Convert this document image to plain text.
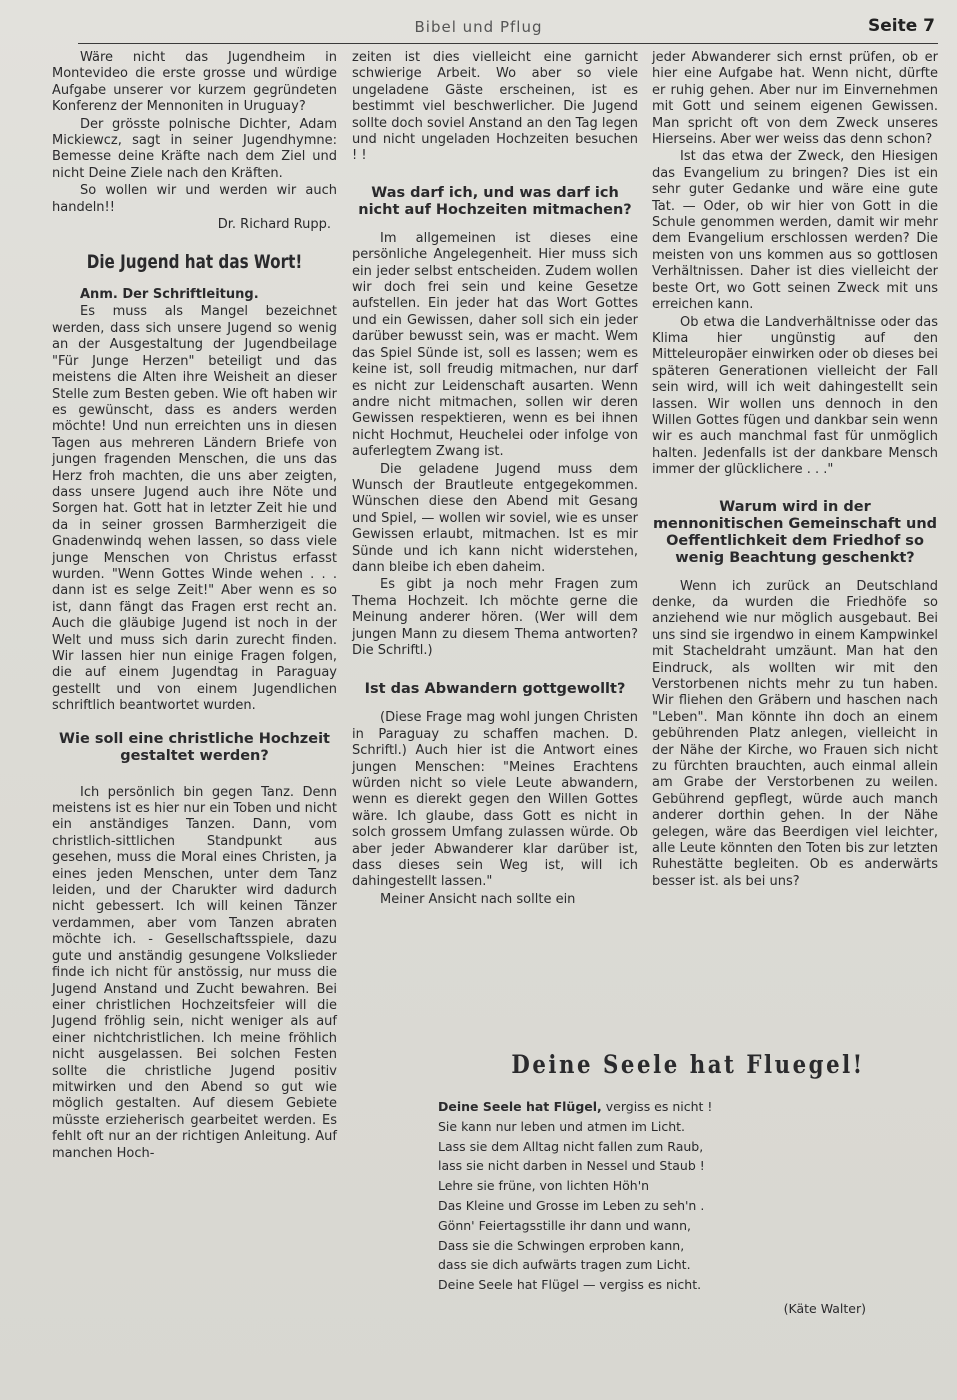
Bibel und Pflug	Seite 7

Wäre nicht das Jugendheim in Montevideo die erste grosse und würdige Aufgabe unserer vor kurzem gegründeten Konferenz der Mennoniten in Uruguay?

Der grösste polnische Dichter, Adam Mickiewcz, sagt in seiner Jugendhymne: Bemesse deine Kräfte nach dem Ziel und nicht Deine Ziele nach den Kräften.

So wollen wir und werden wir auch handeln!!

Dr. Richard Rupp.

Die Jugend hat das Wort!
Anm. Der Schriftleitung.

Es muss als Mangel bezeichnet werden, dass sich unsere Jugend so wenig an der Ausgestaltung der Jugendbeilage "Für Junge Herzen" beteiligt und das meistens die Alten ihre Weisheit an dieser Stelle zum Besten geben. Wie oft haben wir es gewünscht, dass es anders werden möchte! Und nun erreichten uns in diesen Tagen aus mehreren Ländern Briefe von jungen fragenden Menschen, die uns das Herz froh machten, die uns aber zeigten, dass unsere Jugend auch ihre Nöte und Sorgen hat. Gott hat in letzter Zeit hie und da in seiner grossen Barmherzigeit die Gnadenwindq wehen lassen, so dass viele junge Menschen von Christus erfasst wurden. "Wenn Gottes Winde wehen . . . dann ist es selge Zeit!" Aber wenn es so ist, dann fängt das Fragen erst recht an. Auch die gläubige Jugend ist noch in der Welt und muss sich darin zurecht finden. Wir lassen hier nun einige Fragen folgen, die auf einem Jugendtag in Paraguay gestellt und von einem Jugendlichen schriftlich beantwortet wurden.

Wie soll eine christliche Hochzeit gestaltet werden?

Ich persönlich bin gegen Tanz. Denn meistens ist es hier nur ein Toben und nicht ein anständiges Tanzen. Dann, vom christlich-sittlichen Standpunkt aus gesehen, muss die Moral eines Christen, ja eines jeden Menschen, unter dem Tanz leiden, und der Charukter wird dadurch nicht gebessert. Ich will keinen Tänzer verdammen, aber vom Tanzen abraten möchte ich. - Gesellschaftsspiele, dazu gute und anständig gesungene Volkslieder finde ich nicht für anstössig, nur muss die Jugend Anstand und Zucht bewahren. Bei einer christlichen Hochzeitsfeier will die Jugend fröhlig sein, nicht weniger als auf einer nichtchristlichen. Ich meine fröhlich nicht ausgelassen. Bei solchen Festen sollte die christliche Jugend positiv mitwirken und den Abend so gut wie möglich gestalten. Auf diesem Gebiete müsste erzieherisch gearbeitet werden. Es fehlt oft nur an der richtigen Anleitung. Auf manchen Hoch-

zeiten ist dies vielleicht eine garnicht schwierige Arbeit. Wo aber so viele ungeladene Gäste erscheinen, ist es bestimmt viel beschwerlicher. Die Jugend sollte doch soviel Anstand an den Tag legen und nicht ungeladen Hochzeiten besuchen ! !

Was darf ich, und was darf ich nicht auf Hochzeiten mitmachen?

Im allgemeinen ist dieses eine persönliche Angelegenheit. Hier muss sich ein jeder selbst entscheiden. Zudem wollen wir doch frei sein und keine Gesetze aufstellen. Ein jeder hat das Wort Gottes und ein Gewissen, daher soll sich ein jeder darüber bewusst sein, was er macht. Wem das Spiel Sünde ist, soll es lassen; wem es keine ist, soll freudig mitmachen, nur darf es nicht zur Leidenschaft ausarten. Wenn andre nicht mitmachen, sollen wir deren Gewissen respektieren, wenn es bei ihnen nicht Hochmut, Heuchelei oder infolge von auferlegtem Zwang ist.

Die geladene Jugend muss dem Wunsch der Brautleute entgegekommen. Wünschen diese den Abend mit Gesang und Spiel, — wollen wir soviel, wie es unser Gewissen erlaubt, mitmachen. Ist es mir Sünde und ich kann nicht widerstehen, dann bleibe ich eben daheim.

Es gibt ja noch mehr Fragen zum Thema Hochzeit. Ich möchte gerne die Meinung anderer hören. (Wer will dem jungen Mann zu diesem Thema antworten? Die Schriftl.)

Ist das Abwandern gottgewollt?

(Diese Frage mag wohl jungen Christen in Paraguay zu schaffen machen. D. Schriftl.) Auch hier ist die Antwort eines jungen Menschen: "Meines Erachtens würden nicht so viele Leute abwandern, wenn es dierekt gegen den Willen Gottes wäre. Ich glaube, dass Gott es nicht in solch grossem Umfang zulassen würde. Ob aber jeder Abwanderer klar darüber ist, dass dieses sein Weg ist, will ich dahingestellt lassen."

Meiner Ansicht nach sollte ein

jeder Abwanderer sich ernst prüfen, ob er hier eine Aufgabe hat. Wenn nicht, dürfte er ruhig gehen. Aber nur im Einvernehmen mit Gott und seinem eigenen Gewissen. Man spricht oft von dem Zweck unseres Hierseins. Aber wer weiss das denn schon?

Ist das etwa der Zweck, den Hiesigen das Evangelium zu bringen? Dies ist ein sehr guter Gedanke und wäre eine gute Tat. — Oder, ob wir hier von Gott in die Schule genommen werden, damit wir mehr dem Evangelium erschlossen werden? Die meisten von uns kommen aus so gottlosen Verhältnissen. Daher ist dies vielleicht der beste Ort, wo Gott seinen Zweck mit uns erreichen kann.

Ob etwa die Landverhältnisse oder das Klima hier ungünstig auf den Mitteleuropäer einwirken oder ob dieses bei späteren Generationen vielleicht der Fall sein wird, will ich weit dahingestellt sein lassen. Wir wollen uns dennoch in den Willen Gottes fügen und dankbar sein wenn wir es auch manchmal fast für unmöglich halten. Jedenfalls ist der dankbare Mensch immer der glücklichere . . ."

Warum wird in der mennonitischen Gemeinschaft und Oeffentlichkeit dem Friedhof so wenig Beachtung geschenkt?

Wenn ich zurück an Deutschland denke, da wurden die Friedhöfe so anziehend wie nur möglich ausgebaut. Bei uns sind sie irgendwo in einem Kampwinkel mit Stacheldraht umzäunt. Man hat den Eindruck, als wollten wir mit den Verstorbenen nichts mehr zu tun haben. Wir fliehen den Gräbern und haschen nach "Leben". Man könnte ihn doch an einem gebührenden Platz anlegen, vielleicht in der Nähe der Kirche, wo Frauen sich nicht zu fürchten brauchten, auch einmal allein am Grabe der Verstorbenen zu weilen. Gebührend gepflegt, würde auch manch anderer dorthin gehen. In der Nähe gelegen, wäre das Beerdigen viel leichter, alle Leute könnten den Toten bis zur letzten Ruhestätte begleiten. Ob es anderwärts besser ist. als bei uns?

Deine Seele hat Fluegel!
Deine Seele hat Flügel, vergiss es nicht !
Sie kann nur leben und atmen im Licht.
Lass sie dem Alltag nicht fallen zum Raub,
lass sie nicht darben in Nessel und Staub !
Lehre sie früne, von lichten Höh'n
Das Kleine und Grosse im Leben zu seh'n .
Gönn' Feiertagsstille ihr dann und wann,
Dass sie die Schwingen erproben kann,
dass sie dich aufwärts tragen zum Licht.
Deine Seele hat Flügel — vergiss es nicht.
(Käte Walter)
